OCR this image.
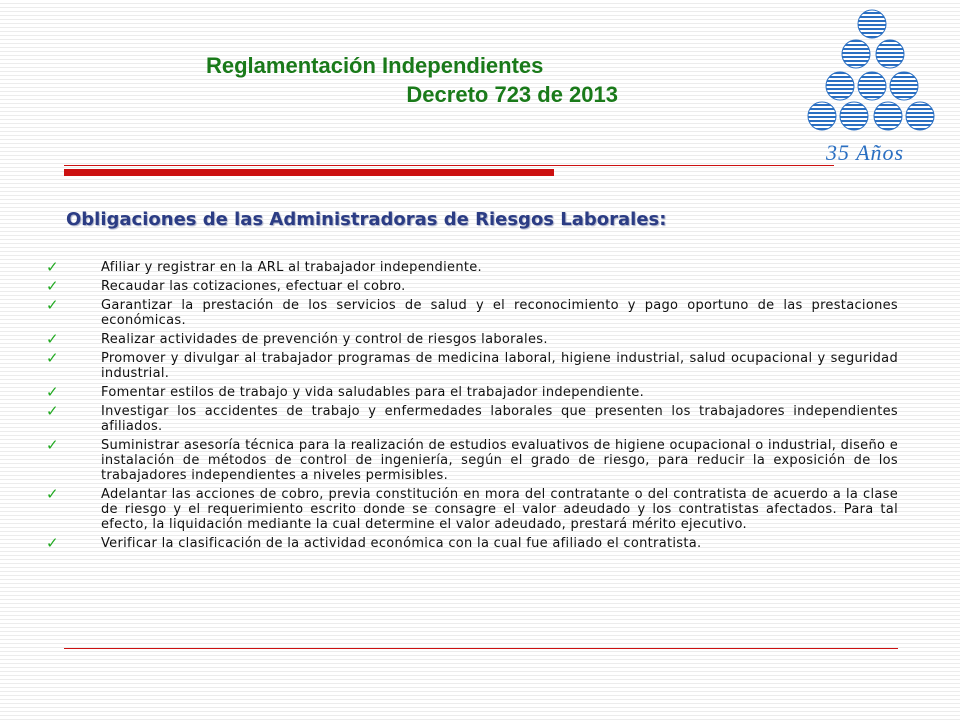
Reglamentación Independientes
Decreto 723 de 2013
35 Años
Obligaciones de las Administradoras de Riesgos Laborales:
✓	Afiliar y registrar en la ARL al trabajador independiente.
✓	Recaudar las cotizaciones, efectuar el cobro.
✓	Garantizar la prestación de los servicios de salud y el reconocimiento y pago oportuno de las prestaciones económicas.
✓	Realizar actividades de prevención y control de riesgos laborales.
✓	Promover y divulgar al trabajador programas de medicina laboral, higiene industrial, salud ocupacional y seguridad industrial.
✓	Fomentar estilos de trabajo y vida saludables para el trabajador independiente.
✓	Investigar los accidentes de trabajo y enfermedades laborales que presenten los trabajadores independientes afiliados.
✓	Suministrar asesoría técnica para la realización de estudios evaluativos de higiene ocupacional o industrial, diseño e instalación de métodos de control de ingeniería, según el grado de riesgo, para reducir la exposición de los trabajadores independientes a niveles permisibles.
✓	Adelantar las acciones de cobro, previa constitución en mora del contratante o del contratista de acuerdo a la clase de riesgo y el requerimiento escrito donde se consagre el valor adeudado y los contratistas afectados. Para tal efecto, la liquidación mediante la cual determine el valor adeudado, prestará mérito ejecutivo.
✓	Verificar la clasificación de la actividad económica con la cual fue afiliado el contratista.
